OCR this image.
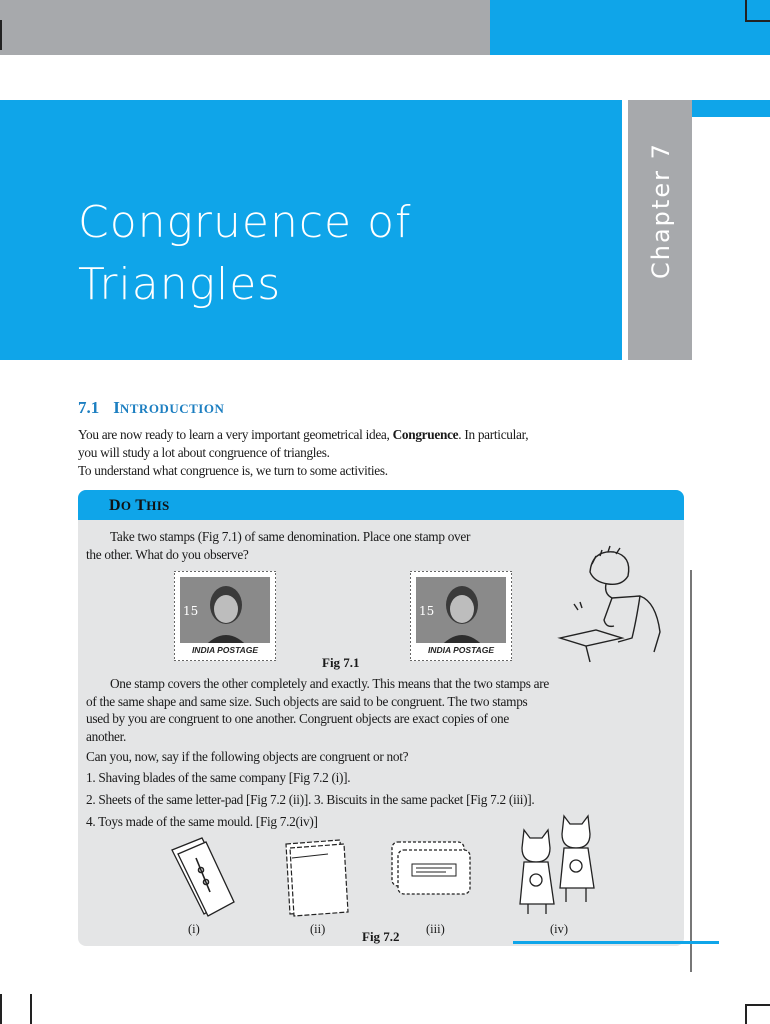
Congruence of
Triangles
Chapter 7
7.1 INTRODUCTION

You are now ready to learn a very important geometrical idea, Congruence. In particular,

you will study a lot about congruence of triangles.

To understand what congruence is, we turn to some activities.

DO THIS
Take two stamps (Fig 7.1) of same denomination. Place one stamp over
the other. What do you observe?
15
INDIA POSTAGE
15
INDIA POSTAGE
Fig 7.1
One stamp covers the other completely and exactly. This means that the two stamps are
of the same shape and same size. Such objects are said to be congruent. The two stamps
used by you are congruent to one another. Congruent objects are exact copies of one
another.
Can you, now, say if the following objects are congruent or not?
1. Shaving blades of the same company [Fig 7.2 (i)].
2. Sheets of the same letter-pad [Fig 7.2 (ii)]. 3. Biscuits in the same packet [Fig 7.2 (iii)].
4. Toys made of the same mould. [Fig 7.2(iv)]
(i)	(ii)	Fig 7.2 (iii)	(iv)
